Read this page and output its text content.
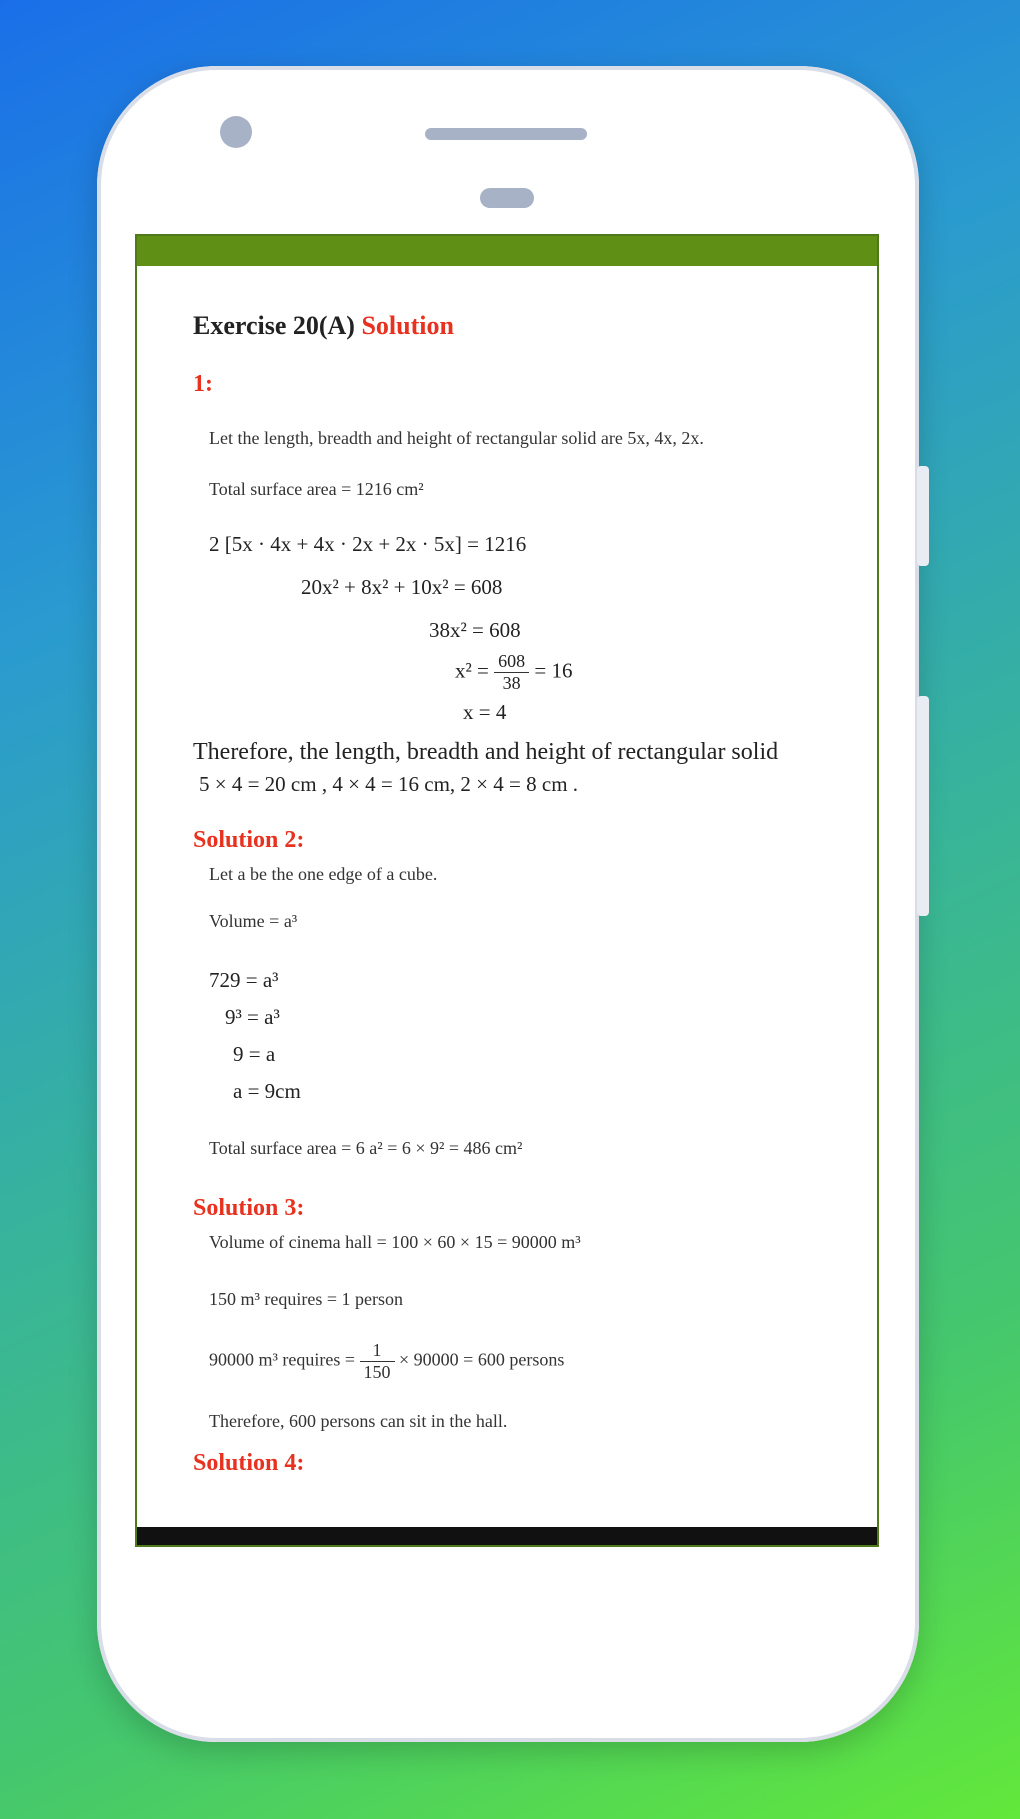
Exercise 20(A) Solution
1:
Let the length, breadth and height of rectangular solid are 5x, 4x, 2x.
Total surface area = 1216 cm²
2 [5x · 4x + 4x · 2x + 2x · 5x] = 1216
20x² + 8x² + 10x² = 608
38x² = 608
$x^2 = \frac{608}{38} = 16$
x = 4
Therefore, the length, breadth and height of rectangular solid
5 × 4 = 20 cm , 4 × 4 = 16 cm, 2 × 4 = 8 cm .
Solution 2:
Let a be the one edge of a cube.
Volume = a³
729 = a³
9³ = a³
9 = a
a = 9cm
Total surface area = 6 a² = 6 × 9² = 486 cm²
Solution 3:
Volume of cinema hall = 100 × 60 × 15 = 90000 m³
150 m³ requires = 1 person
90000 m³ requires = $\frac{1}{150} \times 90000 = 600$ persons
Therefore, 600 persons can sit in the hall.
Solution 4:
